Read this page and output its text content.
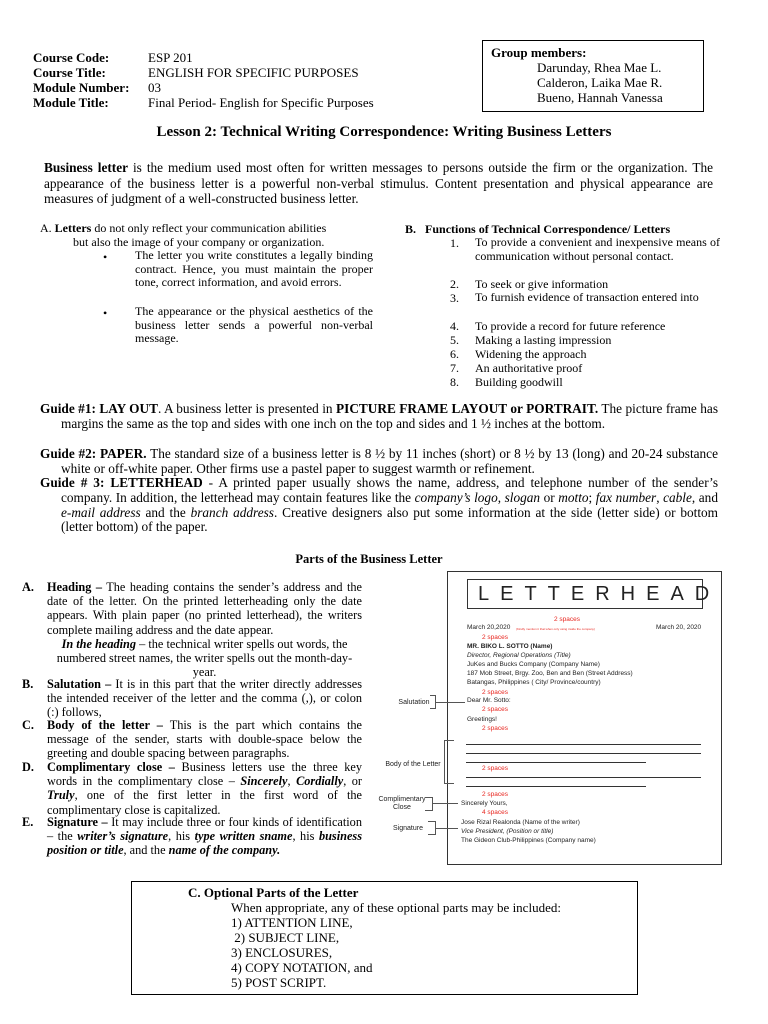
Course Code:	ESP 201
Course Title:	ENGLISH FOR SPECIFIC PURPOSES
Module Number: 03
Module Title:	Final Period- English for Specific Purposes
Group members:
Darunday, Rhea Mae L.
Calderon, Laika Mae R.
Bueno, Hannah Vanessa
Lesson 2: Technical Writing Correspondence: Writing Business Letters
Business letter is the medium used most often for written messages to persons outside the firm or the organization. The appearance of the business letter is a powerful non-verbal stimulus. Content presentation and physical appearance are measures of judgment of a well-constructed business letter.
A. Letters do not only reflect your communication abilities
but also the image of your company or organization.
• The letter you write constitutes a legally binding contract. Hence, you must maintain the proper tone, correct information, and avoid errors.
• The appearance or the physical aesthetics of the business letter sends a powerful non-verbal message.
B. Functions of Technical Correspondence/ Letters
1. To provide a convenient and inexpensive means of communication without personal contact.
2. To seek or give information
3. To furnish evidence of transaction entered into
4. To provide a record for future reference
5. Making a lasting impression
6. Widening the approach
7. An authoritative proof
8. Building goodwill
Guide #1: LAY OUT. A business letter is presented in PICTURE FRAME LAYOUT or PORTRAIT. The picture frame has margins the same as the top and sides with one inch on the top and sides and 1 ½ inches at the bottom.
Guide #2: PAPER. The standard size of a business letter is 8 ½ by 11 inches (short) or 8 ½ by 13 (long) and 20-24 substance white or off-white paper. Other firms use a pastel paper to suggest warmth or refinement.
Guide # 3: LETTERHEAD - A printed paper usually shows the name, address, and telephone number of the sender’s company. In addition, the letterhead may contain features like the company’s logo, slogan or motto; fax number, cable, and e-mail address and the branch address. Creative designers also put some information at the side (letter side) or bottom (letter bottom) of the paper.
Parts of the Business Letter
A. Heading – The heading contains the sender’s address and the date of the letter. On the printed letterheading only the date appears. With plain paper (no printed letterhead), the writers complete mailing address and the date appear.
In the heading – the technical writer spells out words, the numbered street names, the writer spells out the month-day-year.
B. Salutation – It is in this part that the writer directly addresses the intended receiver of the letter and the comma (,), or colon (:) follows,
C. Body of the letter – This is the part which contains the message of the sender, starts with double-space below the greeting and double spacing between paragraphs.
D. Complimentary close – Business letters use the three key words in the complimentary close – Sincerely, Cordially, or Truly, one of the first letter in the first word of the complimentary close is capitalized.
E. Signature – It may include three or four kinds of identification – the writer’s signature, his type written sname, his business position or title, and the name of the company.
LETTERHEAD
2 spaces
March 20,2020 (Kindly mention it that when only using inside the company)	March 20, 2020
2 spaces
MR. BIKO L. SOTTO (Name)
Director, Regional Operations (Title)
JuKes and Bucks Company (Company Name)
187 Mob Street, Brgy. Zoo, Ben and Ben (Street Address)
Batangas, Philippines ( City/ Province/country)
2 spaces
Dear Mr. Sotto:
2 spaces
Greetings!
2 spaces
2 spaces
2 spaces
Sincerely Yours,
4 spaces
Jose Rizal Realonda (Name of the writer)
Vice President, (Position or title)
The Gideon Club-Philippines (Company name)
Salutation
Body of the Letter
Complimentary
Close
Signature
C. Optional Parts of the Letter
When appropriate, any of these optional parts may be included:
1) ATTENTION LINE,
2) SUBJECT LINE,
3) ENCLOSURES,
4) COPY NOTATION, and
5) POST SCRIPT.
